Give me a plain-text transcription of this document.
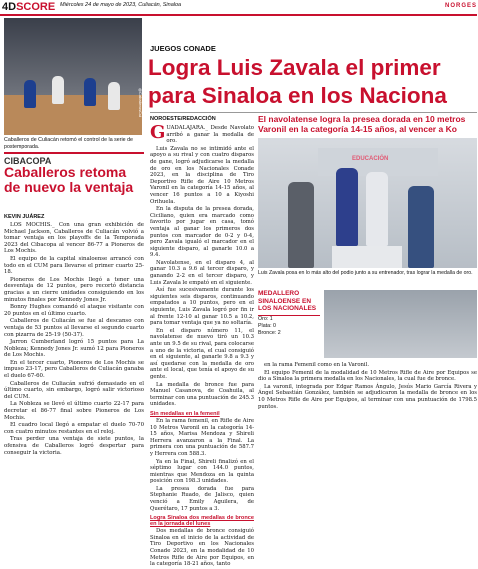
4DSCORE Miércoles 24 de mayo de 2023, Culiacán, Sinaloa	NORGES
Foto: Twitter @CaballerosCul
Caballeros de Culiacán retomó el control de la serie de postemporada.
CIBACOPA
Caballeros retoma de nuevo la ventaja
KEVIN JUÁREZ

LOS MOCHIS._ Con una gran exhibición de Michael Jackson, Caballeros de Culiacán volvió a tomar ventaja en los playoffs de la Temporada 2023 del Cibacopa al vencer 86-77 a Pioneros de Los Mochis.

El equipo de la capital sinaloense arrancó con todo en el CUM para llevarse el primer cuarto 25-18.

Pioneros de Los Mochis llegó a tener una desventaja de 12 puntos, pero recortó distancia gracias a un cierre unidades consiguiendo en los minutos finales por Kennedy Jones Jr.

Bonny Hughes comandó el ataque visitante con 20 puntos en el último cuarto.

Caballeros de Culiacán se fue al descanso con ventaja de 53 puntos al llevarse el segundo cuarto con pizarra de 25-19 (50-37).

Jarron Cumberland logró 15 puntos para La Nobleza; Kennedy Jones Jr. sumó 12 para Pioneros de Los Mochis.

En el tercer cuarto, Pioneros de Los Mochis se impuso 23-17, pero Caballeros de Culiacán ganaba el duelo 67-60.

Caballeros de Culiacán sufrió demasiado en el último cuarto, sin embargo, logró salir victorioso del CUM.

La Nobleza se llevó el último cuarto 22-17 para decretar el 86-77 final sobre Pioneros de Los Mochis.

El cuadro local llegó a empatar el duelo 70-70 con cuatro minutos restantes en el reloj.

Tras perder una ventaja de siete puntos, la ofensiva de Caballeros logró despertar para conseguir la victoria.

JUEGOS CONADE
Logra Luis Zavala el primer
para Sinaloa en los Naciona
NOROESTE/REDACCIÓN	El navolatense logra la presea dorada en 10 metros
Varonil en la categoría 14-15 años, al vencer a Ko

GUADALAJARA._ Desde Navolato arribó a ganar la medalla de oro.

Luis Zavala no se intimidó ante el apoyo a su rival y con cuatro disparos de gane, logró adjudicarse la medalla de oro en los Nacionales Conade 2023, en la disciplina de Tiro Deportivo Rifle de Aire 10 Metros Varonil en la categoría 14-15 años, al vencer 16 puntos a 10 a Kiyoshi Orihuela.

En la disputa de la presea dorada, Ciciliano, quien era marcado como favorito por jugar en casa, tomó ventaja al ganar los primeros dos puntos con marcador de 0-2 y 0-4, pero Zavala igualó el marcador en el siguiente disparo, al ganarle 10.0 a 9.4.

Navolatense, en el disparo 4, al ganar 10.3 a 9.6 al tercer disparo, y ganando 2-2 en el tercer disparo, y Luis Zavala le empató en el siguiente.

Así fue sucesivamente durante los siguientes seis disparos, continuando empatados a 10 puntos, pero en el siguiente, Luis Zavala logró por fin ir al frente 12-10 al ganar 10.5 a 10.2, para tomar ventaja que ya no soltaría.

En el disparo número 11, el navolatense de nuevo tiró un 10.3 ante un 9.5 de su rival, para colocarse a uno de la victoria, el cual consiguió en el siguiente, al ganarle 9.8 a 9.3 y así quedarse con la medalla de oro ante el local, que tenía el apoyo de su gente.

La medalla de bronce fue para Manuel Casanova, de Coahuila, al terminar con una puntuación de 245.3 unidades.

Sin medallas en la femenil

En la rama femenil, en Rifle de Aire 10 Metros Varonil en la categoría 14-15 años, Marisa Mendoza y Shireli Herrera avanzaron a la Final. La primera con una puntuación de 587.7 y Herrera con 588.3.

Ya en la Final, Shireli finalizó en el séptimo lugar con 144.0 puntos, mientras que Mendoza en la quinta posición con 198.3 unidades.

La presea dorada fue para Stephanie Ruado, de Jalisco, quien venció a Emily Aguilera, de Querétaro, 17 puntos a 3.

Logra Sinaloa dos medallas de bronce en la jornada del lunes

Dos medallas de bronce consiguió Sinaloa en el inicio de la actividad de Tiro Deportivo en los Nacionales Conade 2023, en la modalidad de 10 Metros Rifle de Aire por Equipos, en la categoría 18-21 años, tanto

EDUCACIÓN
Luis Zavala posa en lo más alto del podio junto a su entrenador, tras lograr la medalla de oro.
MEDALLERO SINALOENSE EN LOS NACIONALES
Oro: 1
Plata: 0
Bronce: 2

en la rama Femenil como en la Varonil.

El equipo Femenil de la modalidad de 10 Metros Rifle de Aire por Equipos se dio a Sinaloa la primera medalla en los Nacionales, la cual fue de bronce.

La varonil, integrada por Edgar Ramos Ángulo, Jesús Mario García Rivera y Ángel Sebastián González, también se adjudicaron la medalla de bronce en los 10 Metros Rifle de Aire por Equipos, al terminar con una puntuación de 1798.5 puntos.
